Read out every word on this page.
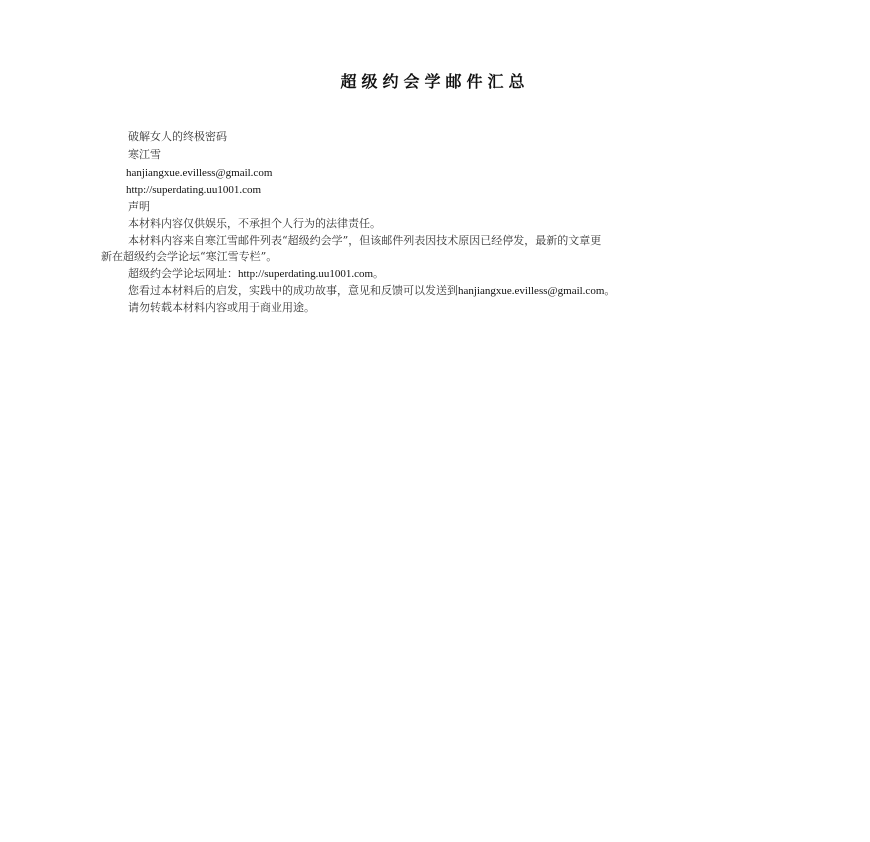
超级约会学邮件汇总
破解女人的终极密码
寒江雪
hanjiangxue.evilless@gmail.com
http://superdating.uu1001.com
声明
本材料内容仅供娱乐，不承担个人行为的法律责任。
本材料内容来自寒江雪邮件列表“超级约会学”，但该邮件列表因技术原因已经停发，最新的文章更
新在超级约会学论坛“寒江雪专栏”。
超级约会学论坛网址：http://superdating.uu1001.com。
您看过本材料后的启发，实践中的成功故事，意见和反馈可以发送到hanjiangxue.evilless@gmail.com。
请勿转载本材料内容或用于商业用途。
